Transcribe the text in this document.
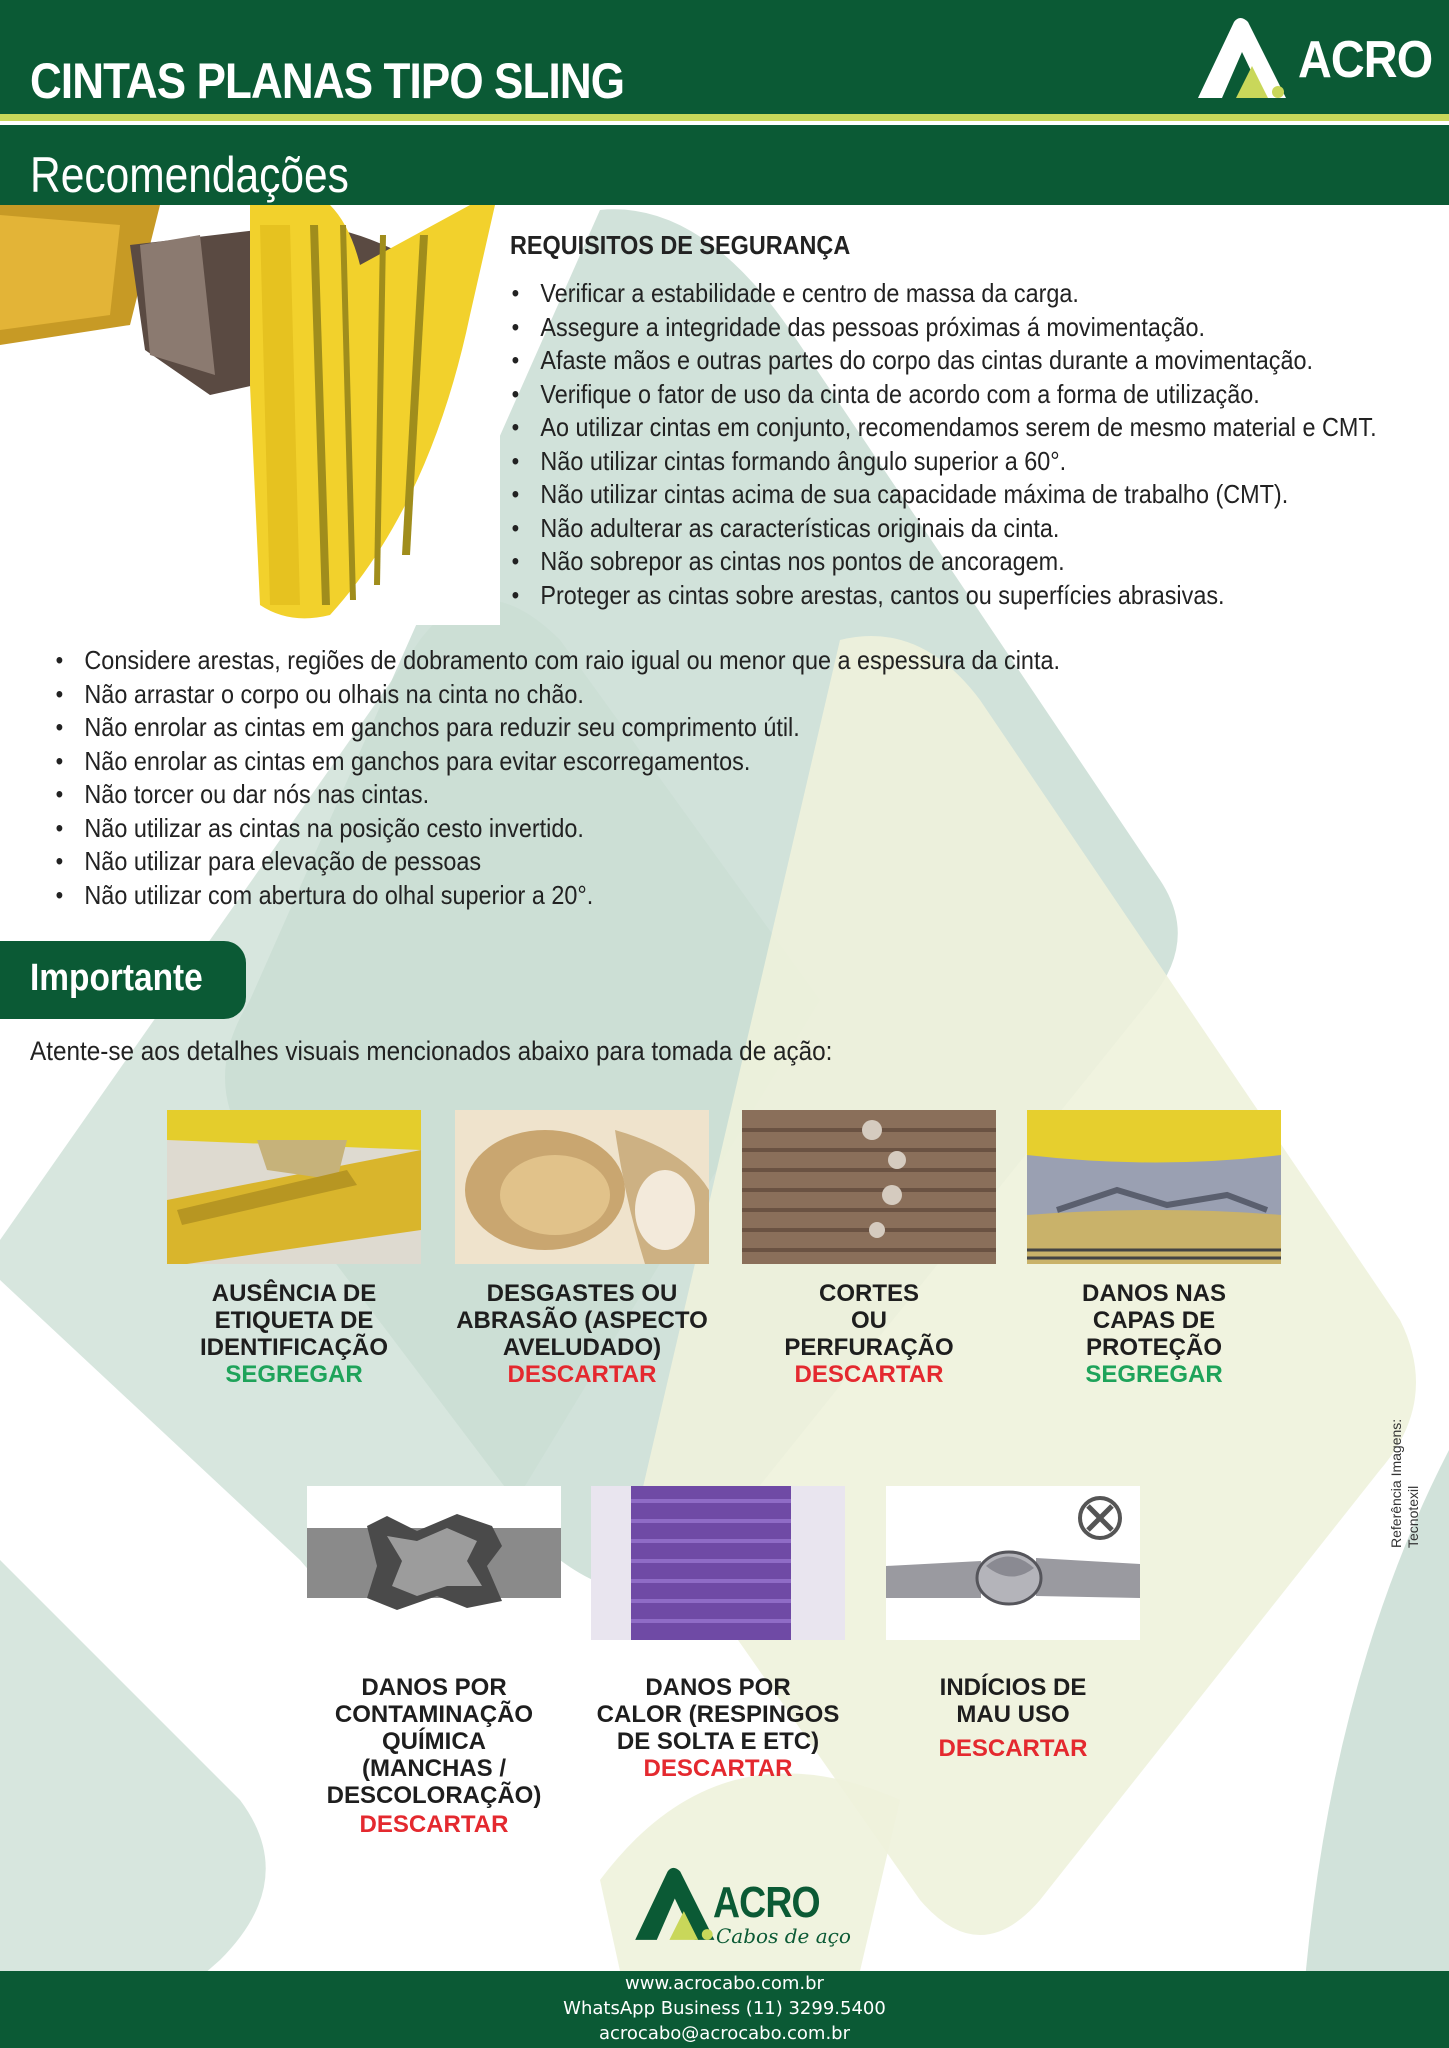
CINTAS PLANAS TIPO SLING
Recomendações
ACRO
REQUISITOS DE SEGURANÇA
• Verificar a estabilidade e centro de massa da carga.
• Assegure a integridade das pessoas próximas á movimentação.
• Afaste mãos e outras partes do corpo das cintas durante a movimentação.
• Verifique o fator de uso da cinta de acordo com a forma de utilização.
• Ao utilizar cintas em conjunto, recomendamos serem de mesmo material e CMT.
• Não utilizar cintas formando ângulo superior a 60°.
• Não utilizar cintas acima de sua capacidade máxima de trabalho (CMT).
• Não adulterar as características originais da cinta.
• Não sobrepor as cintas nos pontos de ancoragem.
• Proteger as cintas sobre arestas, cantos ou superfícies abrasivas.
• Considere arestas, regiões de dobramento com raio igual ou menor que a espessura da cinta.
• Não arrastar o corpo ou olhais na cinta no chão.
• Não enrolar as cintas em ganchos para reduzir seu comprimento útil.
• Não enrolar as cintas em ganchos para evitar escorregamentos.
• Não torcer ou dar nós nas cintas.
• Não utilizar as cintas na posição cesto invertido.
• Não utilizar para elevação de pessoas
• Não utilizar com abertura do olhal superior a 20°.
Importante
Atente-se aos detalhes visuais mencionados abaixo para tomada de ação:
AUSÊNCIA DE
ETIQUETA DE
IDENTIFICAÇÃO
SEGREGAR
DESGASTES OU
ABRASÃO (ASPECTO
AVELUDADO)
DESCARTAR
CORTES
OU
PERFURAÇÃO
DESCARTAR
DANOS NAS
CAPAS DE
PROTEÇÃO
SEGREGAR
DANOS POR
CONTAMINAÇÃO
QUÍMICA
(MANCHAS /
DESCOLORAÇÃO)
DESCARTAR
DANOS POR
CALOR (RESPINGOS
DE SOLTA E ETC)
DESCARTAR
INDÍCIOS DE
MAU USO
DESCARTAR
Referência Imagens: Tecnotexil
ACRO
Cabos de aço
www.acrocabo.com.br
WhatsApp Business (11) 3299.5400
acrocabo@acrocabo.com.br
